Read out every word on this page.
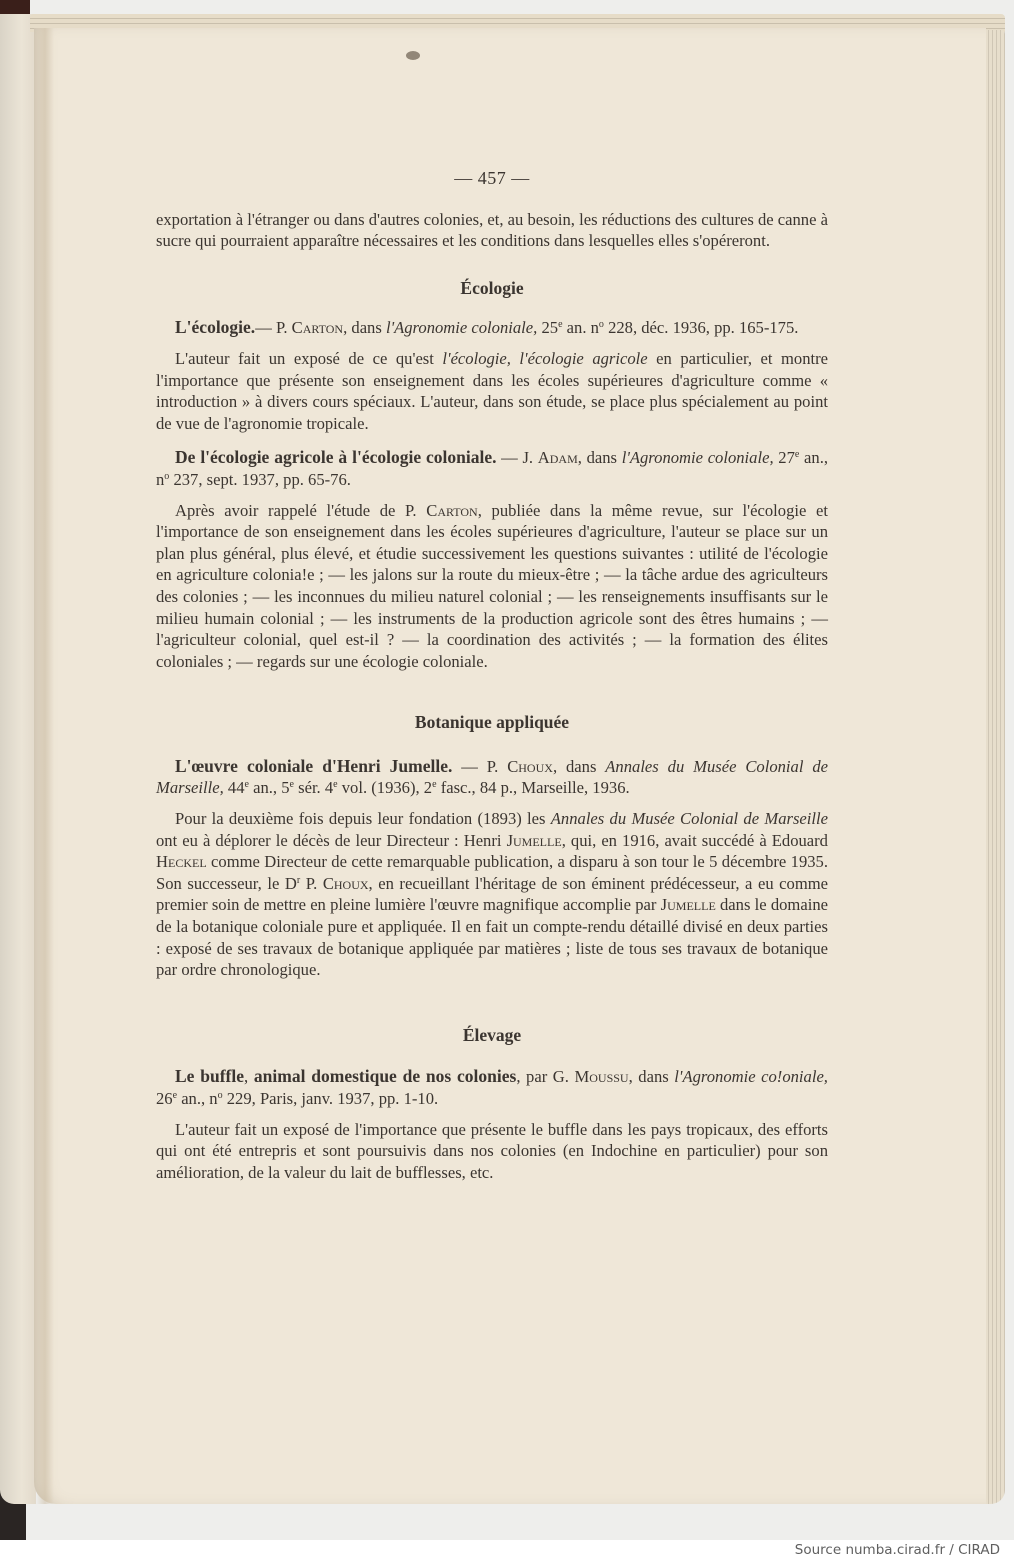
— 457 —

exportation à l'étranger ou dans d'autres colonies, et, au besoin, les réductions des cultures de canne à sucre qui pourraient apparaître nécessaires et les conditions dans lesquelles elles s'opéreront.

Écologie

L'écologie.— P. Carton, dans l'Agronomie coloniale, 25e an. $n^o$ 228, déc. 1936, pp. 165-175.

L'auteur fait un exposé de ce qu'est l'écologie, l'écologie agricole en particulier, et montre l'importance que présente son enseignement dans les écoles supérieures d'agriculture comme « introduction » à divers cours spéciaux. L'auteur, dans son étude, se place plus spécialement au point de vue de l'agronomie tropicale.

De l'écologie agricole à l'écologie coloniale. — J. Adam, dans l'Agronomie coloniale, 27e an., $n^o$ 237, sept. 1937, pp. 65-76.

Après avoir rappelé l'étude de P. Carton, publiée dans la même revue, sur l'écologie et l'importance de son enseignement dans les écoles supérieures d'agriculture, l'auteur se place sur un plan plus général, plus élevé, et étudie successivement les questions suivantes : utilité de l'écologie en agriculture colonia!e ; — les jalons sur la route du mieux-être ; — la tâche ardue des agriculteurs des colonies ; — les inconnues du milieu naturel colonial ; — les renseignements insuffisants sur le milieu humain colonial ; — les instruments de la production agricole sont des êtres humains ; — l'agriculteur colonial, quel est-il ? — la coordination des activités ; — la formation des élites coloniales ; — regards sur une écologie coloniale.

Botanique appliquée

L'œuvre coloniale d'Henri Jumelle. — P. Choux, dans Annales du Musée Colonial de Marseille, 44e an., 5e sér. 4e vol. (1936), 2e fasc., 84 p., Marseille, 1936.

Pour la deuxième fois depuis leur fondation (1893) les Annales du Musée Colonial de Marseille ont eu à déplorer le décès de leur Directeur : Henri Jumelle, qui, en 1916, avait succédé à Edouard Heckel comme Directeur de cette remarquable publication, a disparu à son tour le 5 décembre 1935. Son successeur, le $D^r$ P. Choux, en recueillant l'héritage de son éminent prédécesseur, a eu comme premier soin de mettre en pleine lumière l'œuvre magnifique accomplie par Jumelle dans le domaine de la botanique coloniale pure et appliquée. Il en fait un compte-rendu détaillé divisé en deux parties : exposé de ses travaux de botanique appliquée par matières ; liste de tous ses travaux de botanique par ordre chronologique.

Élevage

Le buffle, animal domestique de nos colonies, par G. Moussu, dans l'Agronomie co!oniale, 26e an., $n^o$ 229, Paris, janv. 1937, pp. 1-10.

L'auteur fait un exposé de l'importance que présente le buffle dans les pays tropicaux, des efforts qui ont été entrepris et sont poursuivis dans nos colonies (en Indochine en particulier) pour son amélioration, de la valeur du lait de bufflesses, etc.

Source numba.cirad.fr / CIRAD
